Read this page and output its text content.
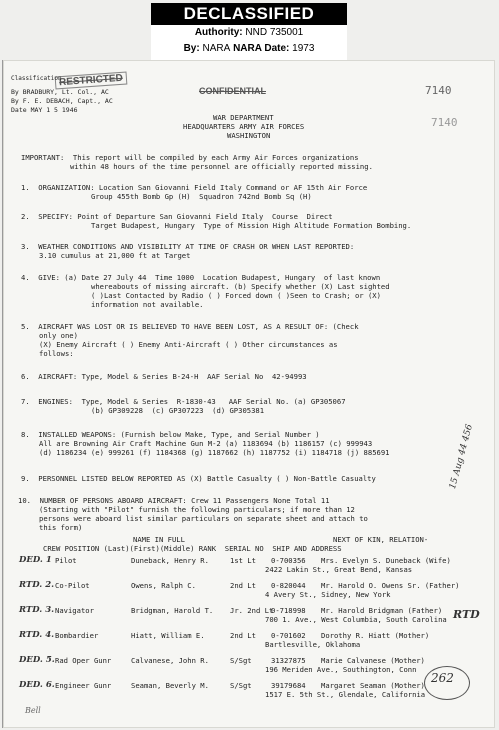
DECLASSIFIED
Authority: NND 735001
By: NARA NARA Date: 1973
RESTRICTED
Classification
By BRADBURY, Lt. Col., AC
By F. E. DEBACH, Capt., AC
Date MAY 1 5 1946
CONFIDENTIAL	7140
7140
WAR DEPARTMENT
HEADQUARTERS ARMY AIR FORCES
WASHINGTON
IMPORTANT:  This report will be compiled by each Army Air Forces organizations
within 48 hours of the time personnel are officially reported missing.
1.  ORGANIZATION: Location San Giovanni Field Italy Command or AF 15th Air Force
Group 455th Bomb Gp (H)  Squadron 742nd Bomb Sq (H)
2.  SPECIFY: Point of Departure San Giovanni Field Italy  Course  Direct
Target Budapest, Hungary  Type of Mission High Altitude Formation Bombing.
3.  WEATHER CONDITIONS AND VISIBILITY AT TIME OF CRASH OR WHEN LAST REPORTED:
3.10 cumulus at 21,000 ft at Target
4.  GIVE: (a) Date 27 July 44  Time 1000  Location Budapest, Hungary  of last known
whereabouts of missing aircraft. (b) Specify whether (X) Last sighted
( )Last Contacted by Radio ( ) Forced down ( )Seen to Crash; or (X)
information not available.
5.  AIRCRAFT WAS LOST OR IS BELIEVED TO HAVE BEEN LOST, AS A RESULT OF: (Check
only one)
(X) Enemy Aircraft ( ) Enemy Anti-Aircraft ( ) Other circumstances as
follows:
6.  AIRCRAFT: Type, Model & Series B-24-H  AAF Serial No  42-94993
7.  ENGINES:  Type, Model & Series  R-1830-43   AAF Serial No. (a) GP305067
(b) GP309228  (c) GP307223  (d) GP305381
8.  INSTALLED WEAPONS: (Furnish below Make, Type, and Serial Number )
All are Browning Air Craft Machine Gun M-2 (a) 1183694 (b) 1186157 (c) 999943
(d) 1186234 (e) 999261 (f) 1184368 (g) 1187662 (h) 1187752 (i) 1184718 (j) 885691
9.  PERSONNEL LISTED BELOW REPORTED AS (X) Battle Casualty ( ) Non-Battle Casualty
10.  NUMBER OF PERSONS ABOARD AIRCRAFT: Crew 11 Passengers None Total 11
(Starting with "Pilot" furnish the following particulars; if more than 12
persons were aboard list similar particulars on separate sheet and attach to
this form)
15 Aug 44 456
NAME IN FULL	NEXT OF KIN, RELATION-
CREW POSITION (Last)(First)(Middle) RANK  SERIAL NO  SHIP AND ADDRESS
DED. 1 Pilot	Duneback, Henry R.	1st Lt 0-700356 Mrs. Evelyn S. Duneback (Wife)
2422 Lakin St., Great Bend, Kansas
RTD. 2. Co-Pilot	Owens, Ralph C.	2nd Lt 0-820044 Mr. Harold O. Owens Sr. (Father)
4 Avery St., Sidney, New York
RTD. 3. Navigator	Bridgman, Harold T. Jr. 2nd Lt
0-718998 Mr. Harold Bridgman (Father)
700 1. Ave., West Columbia, South Carolina
RTD. 4. Bombardier	Hiatt, William E.	2nd Lt 0-701602 Dorothy R. Hiatt (Mother)
Bartlesville, Oklahoma
DED. 5. Rad Oper Gunr	Calvanese, John R.	S/Sgt	31327875 Marie Calvanese (Mother)
196 Meriden Ave., Southington, Conn
DED. 6. Engineer Gunr	Seaman, Beverly M.	S/Sgt	39179684 Margaret Seaman (Mother)
1517 E. 5th St., Glendale, California
RTD
262
Bell
